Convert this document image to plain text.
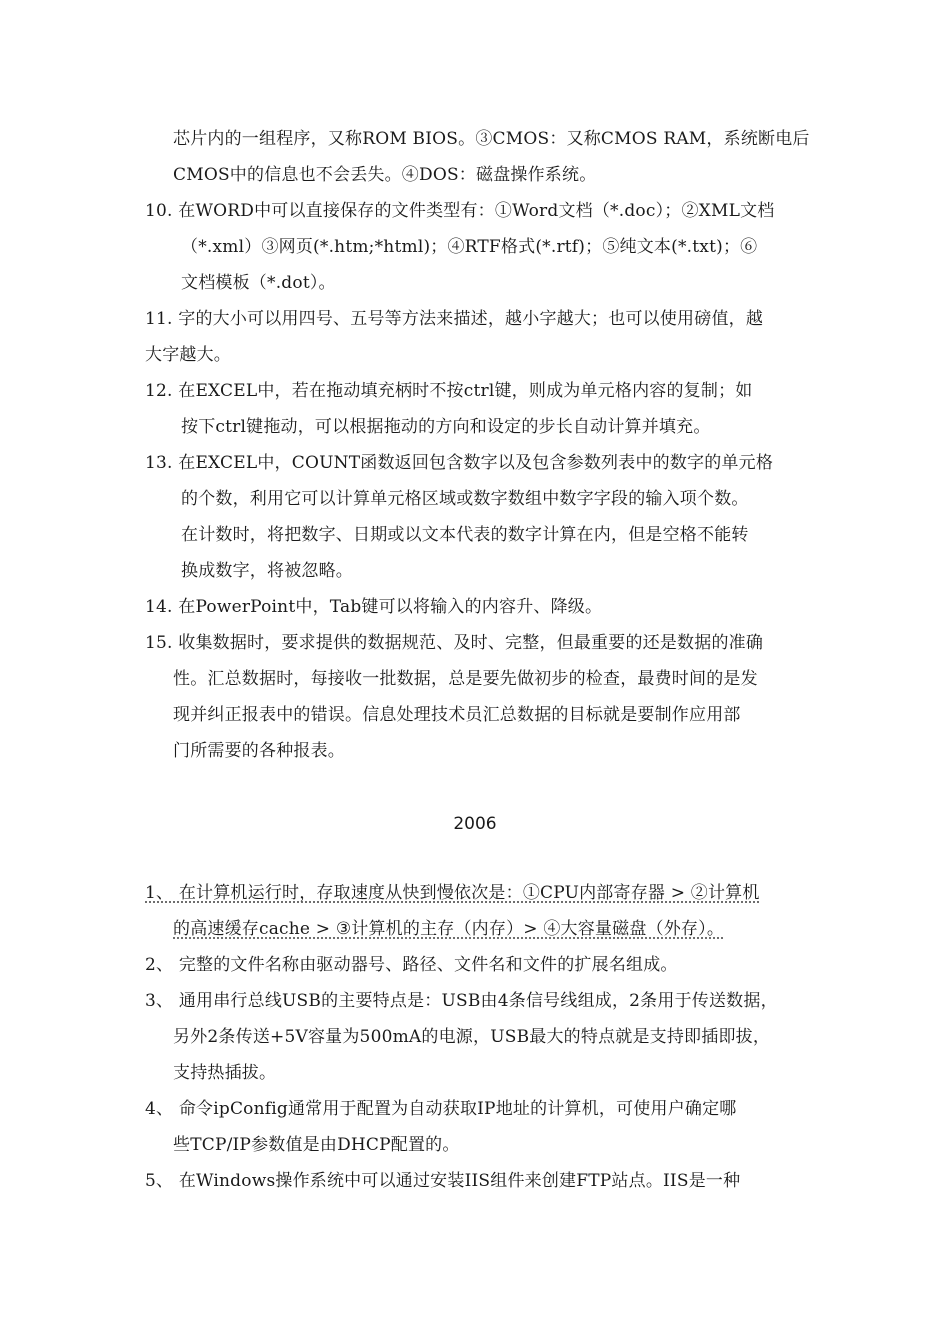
芯片内的一组程序，又称ROM BIOS。③CMOS：又称CMOS RAM，系统断电后
CMOS中的信息也不会丢失。④DOS：磁盘操作系统。
10. 在WORD中可以直接保存的文件类型有：①Word文档（*.doc）；②XML文档
（*.xml）③网页(*.htm;*html)；④RTF格式(*.rtf)；⑤纯文本(*.txt)；⑥
文档模板（*.dot）。
11. 字的大小可以用四号、五号等方法来描述，越小字越大；也可以使用磅值，越
大字越大。
12. 在EXCEL中，若在拖动填充柄时不按ctrl键，则成为单元格内容的复制；如
按下ctrl键拖动，可以根据拖动的方向和设定的步长自动计算并填充。
13. 在EXCEL中，COUNT函数返回包含数字以及包含参数列表中的数字的单元格
的个数，利用它可以计算单元格区域或数字数组中数字字段的输入项个数。
在计数时，将把数字、日期或以文本代表的数字计算在内，但是空格不能转
换成数字，将被忽略。
14. 在PowerPoint中，Tab键可以将输入的内容升、降级。
15. 收集数据时，要求提供的数据规范、及时、完整，但最重要的还是数据的准确
性。汇总数据时，每接收一批数据，总是要先做初步的检查，最费时间的是发
现并纠正报表中的错误。信息处理技术员汇总数据的目标就是要制作应用部
门所需要的各种报表。
2006
1、 在计算机运行时，存取速度从快到慢依次是：①CPU内部寄存器 > ②计算机
的高速缓存cache > ③计算机的主存（内存）> ④大容量磁盘（外存）。
2、 完整的文件名称由驱动器号、路径、文件名和文件的扩展名组成。
3、 通用串行总线USB的主要特点是：USB由4条信号线组成，2条用于传送数据，
另外2条传送+5V容量为500mA的电源，USB最大的特点就是支持即插即拔，
支持热插拔。
4、 命令ipConfig通常用于配置为自动获取IP地址的计算机，可使用户确定哪
些TCP/IP参数值是由DHCP配置的。
5、 在Windows操作系统中可以通过安装IIS组件来创建FTP站点。IIS是一种
